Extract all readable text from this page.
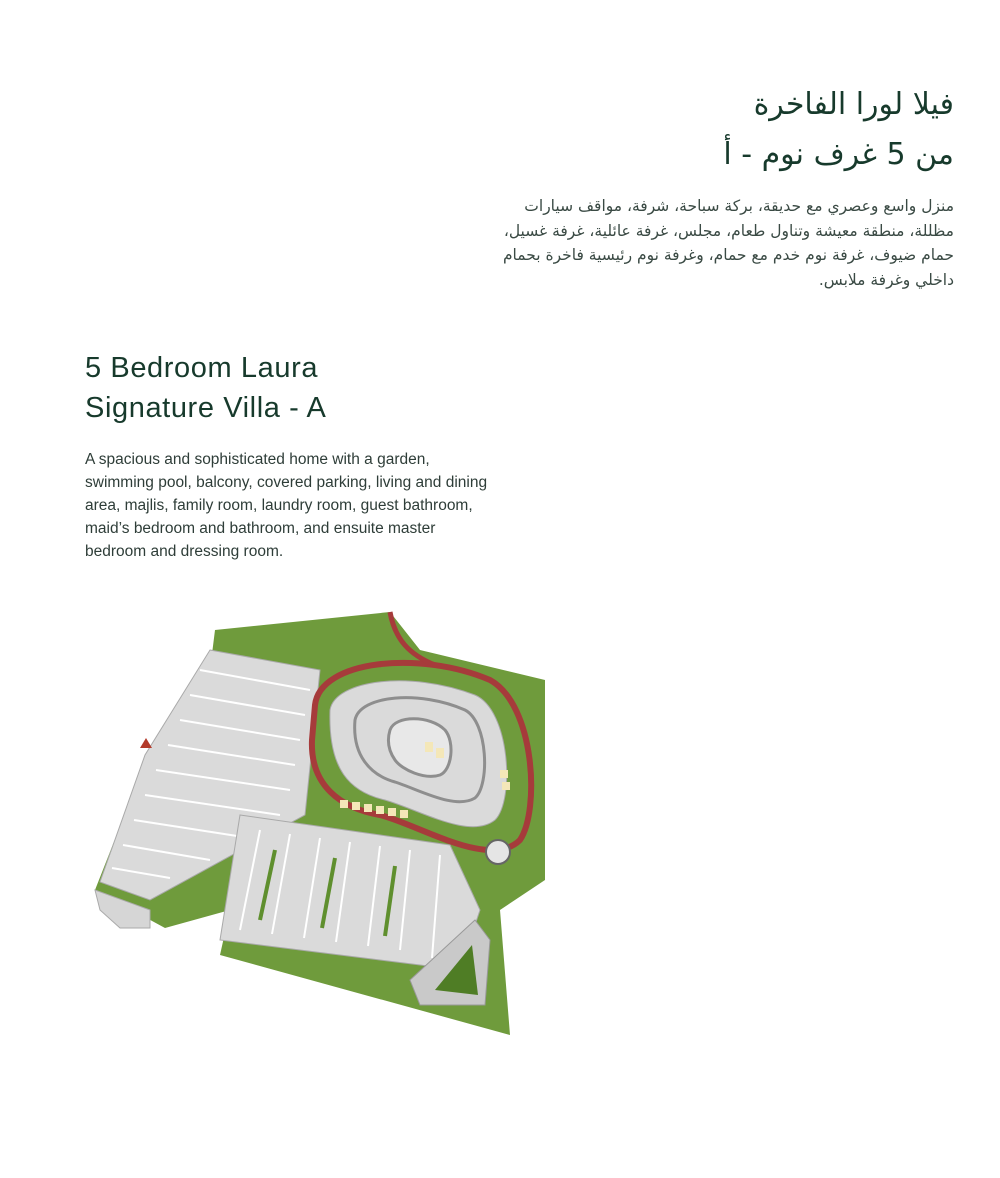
فيلا لورا الفاخرة
من 5 غرف نوم - أ

منزل واسع وعصري مع حديقة، بركة سباحة، شرفة، مواقف سيارات مظللة، منطقة معيشة وتناول طعام، مجلس، غرفة عائلية، غرفة غسيل، حمام ضيوف، غرفة نوم خدم مع حمام، وغرفة نوم رئيسية فاخرة بحمام داخلي وغرفة ملابس.

5 Bedroom Laura
Signature Villa - A

A spacious and sophisticated home with a garden, swimming pool, balcony, covered parking, living and dining area, majlis, family room, laundry room, guest bathroom, maid’s bedroom and bathroom, and ensuite master bedroom and dressing room.
